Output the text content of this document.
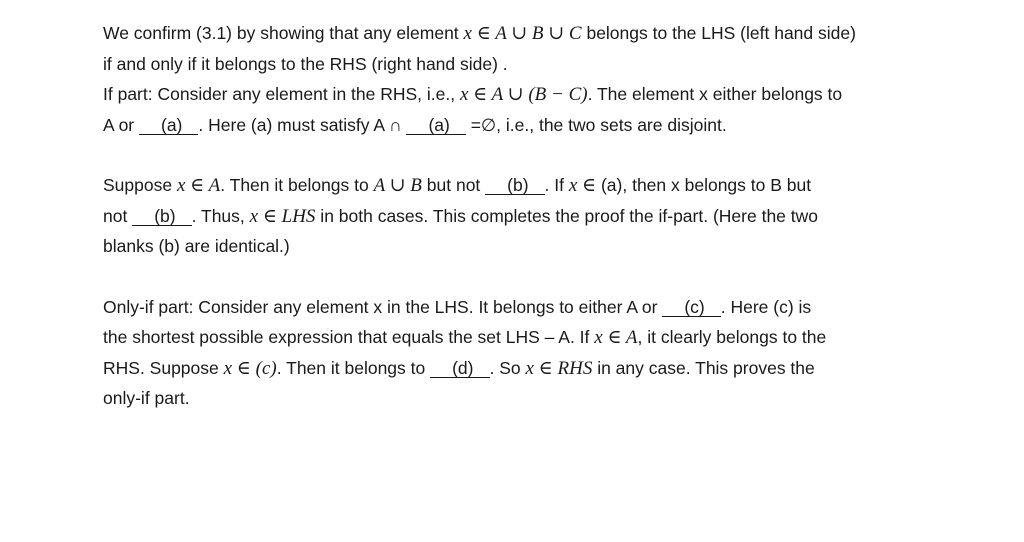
We confirm (3.1) by showing that any element x ∈ A ∪ B ∪ C belongs to the LHS (left hand side)
if and only if it belongs to the RHS (right hand side) .
If part: Consider any element in the RHS, i.e., x ∈ A ∪ (B − C). The element x either belongs to
A or (a) . Here (a) must satisfy A ∩ (a) =∅, i.e., the two sets are disjoint.
Suppose x ∈ A. Then it belongs to A ∪ B but not (b) . If x ∈ (a), then x belongs to B but
not (b) . Thus, x ∈ LHS in both cases. This completes the proof the if-part. (Here the two
blanks (b) are identical.)
Only-if part: Consider any element x in the LHS. It belongs to either A or (c) . Here (c) is
the shortest possible expression that equals the set LHS – A. If x ∈ A, it clearly belongs to the
RHS. Suppose x ∈ (c). Then it belongs to (d) . So x ∈ RHS in any case. This proves the
only-if part.
